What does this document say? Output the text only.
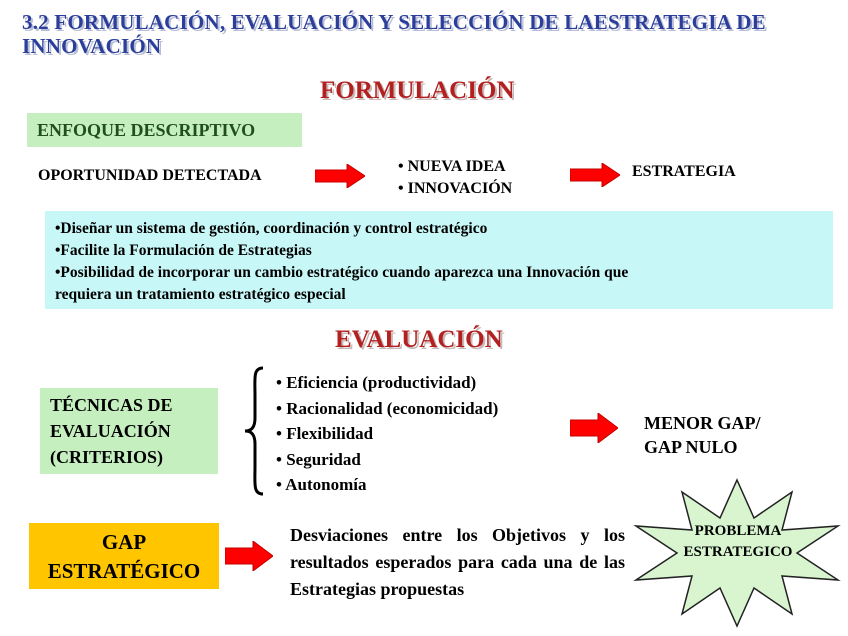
3.2 FORMULACIÓN, EVALUACIÓN Y SELECCIÓN DE LAESTRATEGIA DE INNOVACIÓN
FORMULACIÓN
ENFOQUE DESCRIPTIVO
OPORTUNIDAD DETECTADA
• NUEVA IDEA
• INNOVACIÓN
ESTRATEGIA
•Diseñar un sistema de gestión, coordinación y control estratégico
•Facilite la Formulación de Estrategias
•Posibilidad de incorporar un cambio estratégico cuando aparezca una Innovación que
requiera un tratamiento estratégico especial
EVALUACIÓN
TÉCNICAS DE
EVALUACIÓN
(CRITERIOS)
• Eficiencia (productividad)
• Racionalidad (economicidad)
• Flexibilidad
• Seguridad
• Autonomía
MENOR GAP/
GAP NULO
GAP
ESTRATÉGICO
Desviaciones entre los Objetivos y los resultados esperados para cada una de las Estrategias propuestas
PROBLEMA
ESTRATEGICO
